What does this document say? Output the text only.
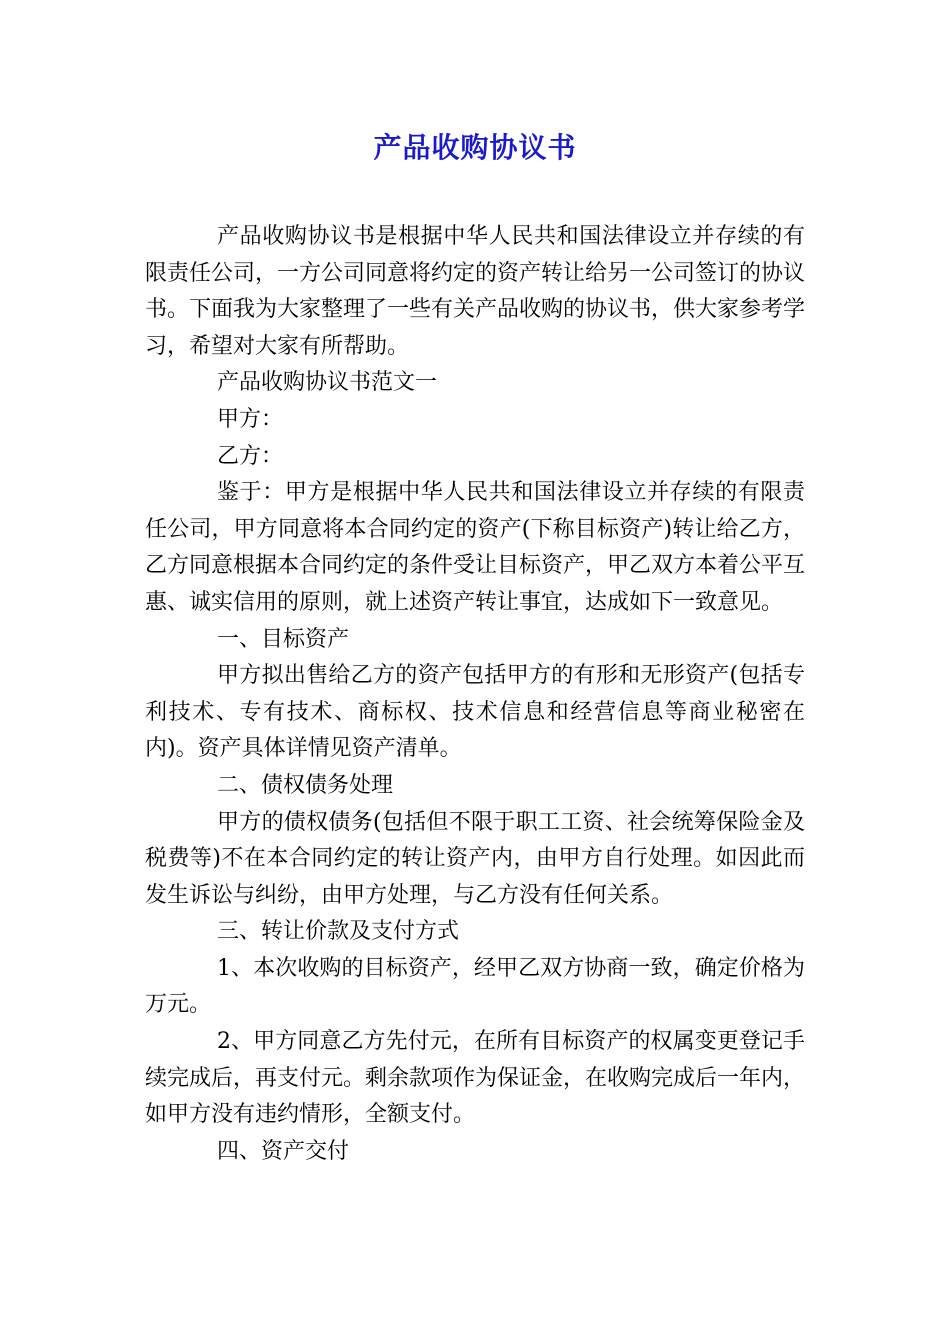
产品收购协议书

产品收购协议书是根据中华人民共和国法律设立并存续的有限责任公司，一方公司同意将约定的资产转让给另一公司签订的协议书。下面我为大家整理了一些有关产品收购的协议书，供大家参考学习，希望对大家有所帮助。

产品收购协议书范文一

甲方：

乙方：

鉴于：甲方是根据中华人民共和国法律设立并存续的有限责任公司，甲方同意将本合同约定的资产(下称目标资产)转让给乙方，乙方同意根据本合同约定的条件受让目标资产，甲乙双方本着公平互惠、诚实信用的原则，就上述资产转让事宜，达成如下一致意见。

一、目标资产

甲方拟出售给乙方的资产包括甲方的有形和无形资产(包括专利技术、专有技术、商标权、技术信息和经营信息等商业秘密在内)。资产具体详情见资产清单。

二、债权债务处理

甲方的债权债务(包括但不限于职工工资、社会统筹保险金及税费等)不在本合同约定的转让资产内，由甲方自行处理。如因此而发生诉讼与纠纷，由甲方处理，与乙方没有任何关系。

三、转让价款及支付方式

1、本次收购的目标资产，经甲乙双方协商一致，确定价格为万元。

2、甲方同意乙方先付元，在所有目标资产的权属变更登记手续完成后，再支付元。剩余款项作为保证金，在收购完成后一年内，如甲方没有违约情形，全额支付。

四、资产交付
